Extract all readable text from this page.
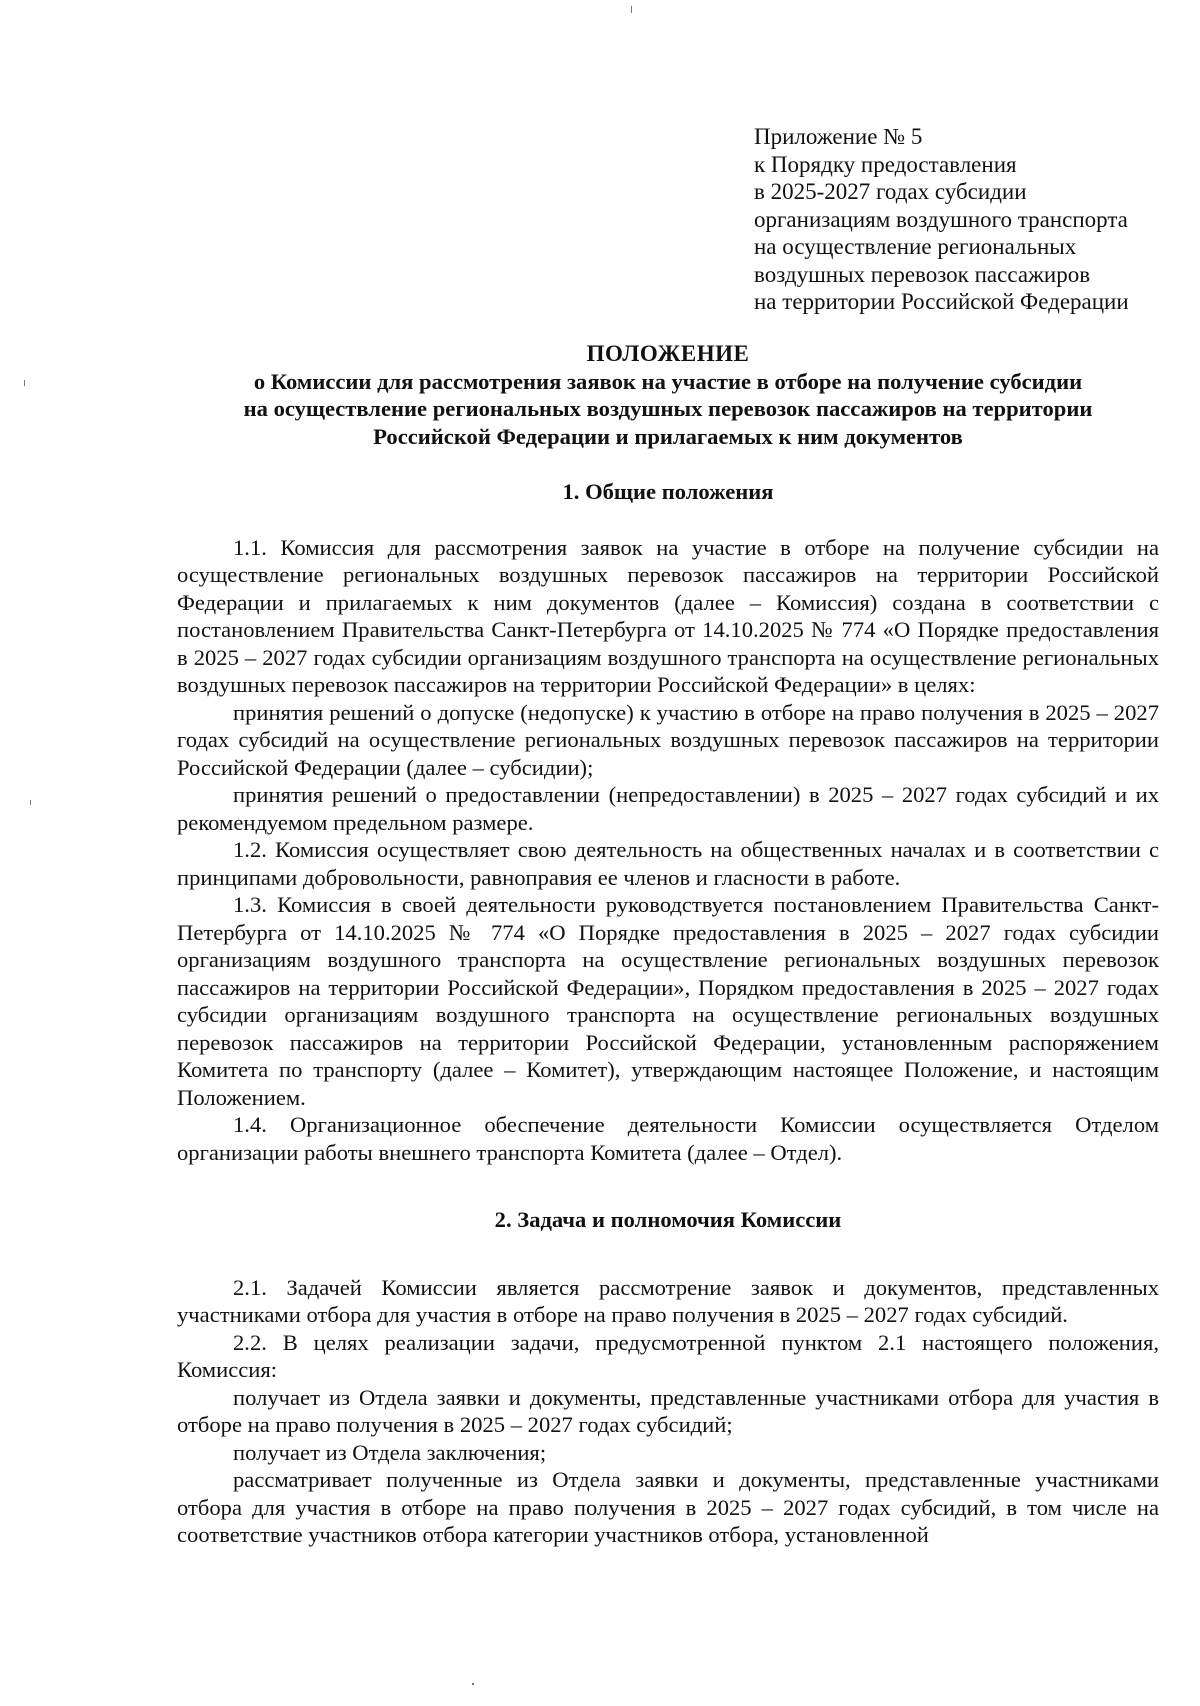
Приложение № 5
к Порядку предоставления
в 2025-2027 годах субсидии
организациям воздушного транспорта
на осуществление региональных
воздушных перевозок пассажиров
на территории Российской Федерации
ПОЛОЖЕНИЕ
о Комиссии для рассмотрения заявок на участие в отборе на получение субсидии
на осуществление региональных воздушных перевозок пассажиров на территории
Российской Федерации и прилагаемых к ним документов
1. Общие положения

1.1. Комиссия для рассмотрения заявок на участие в отборе на получение субсидии на осуществление региональных воздушных перевозок пассажиров на территории Российской Федерации и прилагаемых к ним документов (далее – Комиссия) создана в соответствии с постановлением Правительства Санкт-Петербурга от 14.10.2025 № 774 «О Порядке предоставления в 2025 – 2027 годах субсидии организациям воздушного транспорта на осуществление региональных воздушных перевозок пассажиров на территории Российской Федерации» в целях:

принятия решений о допуске (недопуске) к участию в отборе на право получения в 2025 – 2027 годах субсидий на осуществление региональных воздушных перевозок пассажиров на территории Российской Федерации (далее – субсидии);

принятия решений о предоставлении (непредоставлении) в 2025 – 2027 годах субсидий и их рекомендуемом предельном размере.

1.2. Комиссия осуществляет свою деятельность на общественных началах и в соответствии с принципами добровольности, равноправия ее членов и гласности в работе.

1.3. Комиссия в своей деятельности руководствуется постановлением Правительства Санкт-Петербурга от 14.10.2025 № 774 «О Порядке предоставления в 2025 – 2027 годах субсидии организациям воздушного транспорта на осуществление региональных воздушных перевозок пассажиров на территории Российской Федерации», Порядком предоставления в 2025 – 2027 годах субсидии организациям воздушного транспорта на осуществление региональных воздушных перевозок пассажиров на территории Российской Федерации, установленным распоряжением Комитета по транспорту (далее – Комитет), утверждающим настоящее Положение, и настоящим Положением.

1.4. Организационное обеспечение деятельности Комиссии осуществляется Отделом организации работы внешнего транспорта Комитета (далее – Отдел).

2. Задача и полномочия Комиссии

2.1. Задачей Комиссии является рассмотрение заявок и документов, представленных участниками отбора для участия в отборе на право получения в 2025 – 2027 годах субсидий.

2.2. В целях реализации задачи, предусмотренной пунктом 2.1 настоящего положения, Комиссия:

получает из Отдела заявки и документы, представленные участниками отбора для участия в отборе на право получения в 2025 – 2027 годах субсидий;

получает из Отдела заключения;

рассматривает полученные из Отдела заявки и документы, представленные участниками отбора для участия в отборе на право получения в 2025 – 2027 годах субсидий, в том числе на соответствие участников отбора категории участников отбора, установленной
